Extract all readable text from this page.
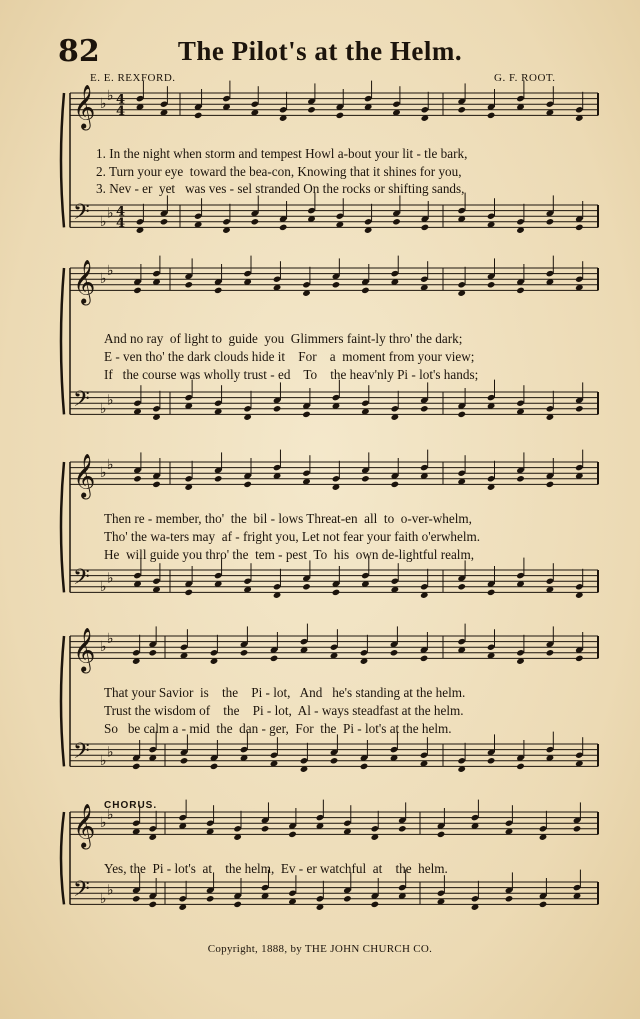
82	The Pilot's at the Helm.
E. E. REXFORD.	G. F. ROOT.
𝄞 ♭
♭
𝄢 ♭
♭
4
4
4
4
𝄞 ♭
♭
𝄢 ♭
♭
𝄞 ♭
♭
𝄢 ♭
♭
𝄞 ♭
♭
𝄢 ♭
♭
𝄞 ♭
♭
𝄢 ♭
♭
1. In the night when storm and tempest Howl a-bout your lit - tle bark,
2. Turn your eye  toward the bea-con, Knowing that it shines for you,
3. Nev - er  yet   was ves - sel stranded On the rocks or shifting sands,
And no ray  of light to  guide  you  Glimmers faint-ly thro' the dark;
E - ven tho' the dark clouds hide it    For    a  moment from your view;
If   the course was wholly trust - ed    To    the heav'nly Pi - lot's hands;
Then re - member, tho'  the  bil - lows Threat-en  all  to  o-ver-whelm,
Tho' the wa-ters may  af - fright you, Let not fear your faith o'erwhelm.
He  will guide you thro' the  tem - pest  To  his  own de-lightful realm,
That your Savior  is    the    Pi - lot,   And   he's standing at the helm.
Trust the wisdom of    the    Pi - lot,  Al - ways steadfast at the helm.
So   be calm a - mid  the  dan - ger,  For  the  Pi - lot's at the helm.
CHORUS.
Yes, the  Pi - lot's  at    the helm,  Ev - er watchful  at    the  helm.
Copyright, 1888, by THE JOHN CHURCH CO.
